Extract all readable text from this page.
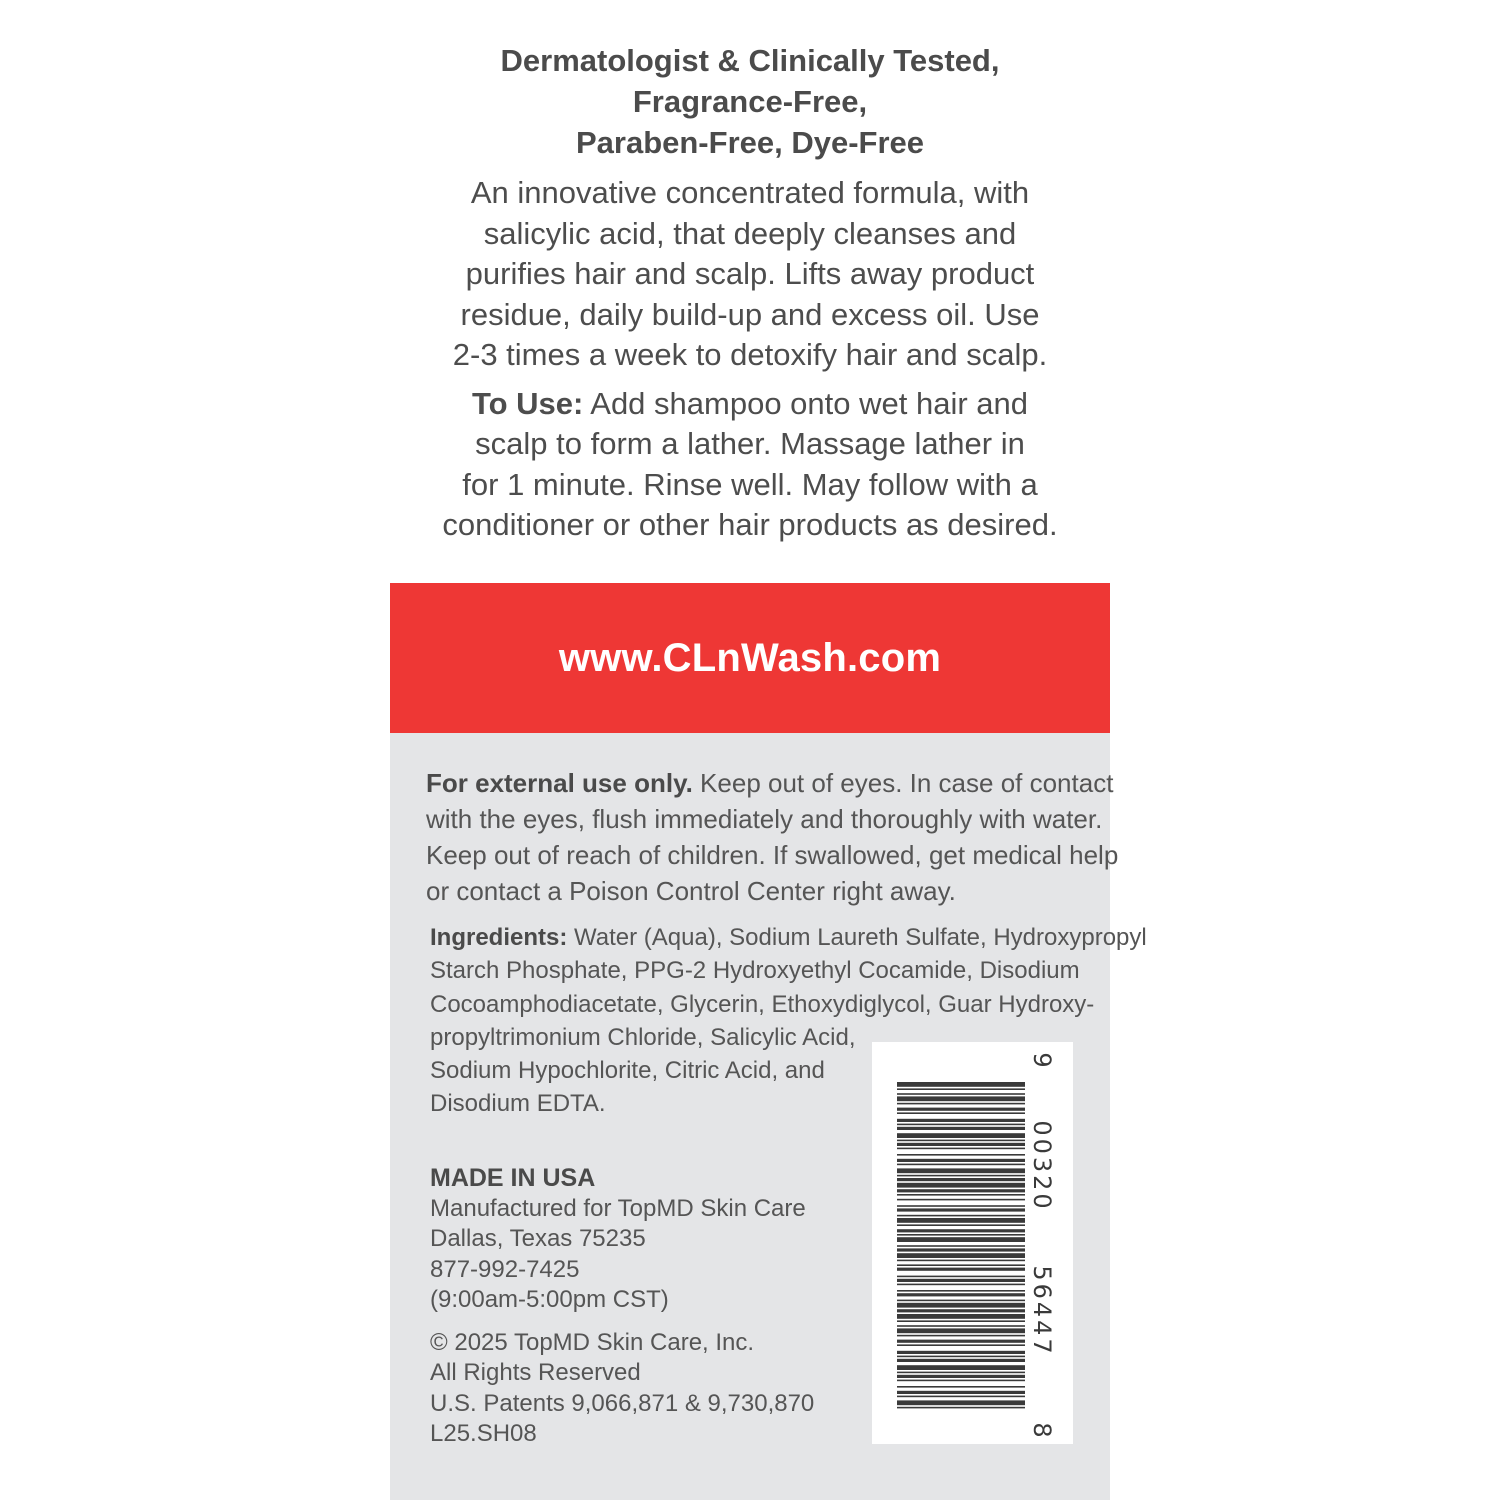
Dermatologist & Clinically Tested,
Fragrance-Free,
Paraben-Free, Dye-Free
An innovative concentrated formula, with
salicylic acid, that deeply cleanses and
purifies hair and scalp. Lifts away product
residue, daily build-up and excess oil. Use
2-3 times a week to detoxify hair and scalp.
To Use: Add shampoo onto wet hair and
scalp to form a lather. Massage lather in
for 1 minute. Rinse well. May follow with a
conditioner or other hair products as desired.
www.CLnWash.com
For external use only. Keep out of eyes. In case of contact
with the eyes, flush immediately and thoroughly with water.
Keep out of reach of children. If swallowed, get medical help
or contact a Poison Control Center right away.
Ingredients: Water (Aqua), Sodium Laureth Sulfate, Hydroxypropyl
Starch Phosphate, PPG-2 Hydroxyethyl Cocamide, Disodium
Cocoamphodiacetate, Glycerin, Ethoxydiglycol, Guar Hydroxy-
propyltrimonium Chloride, Salicylic Acid,
Sodium Hypochlorite, Citric Acid, and
Disodium EDTA.
MADE IN USA
Manufactured for TopMD Skin Care
Dallas, Texas 75235
877-992-7425
(9:00am-5:00pm CST)
© 2025 TopMD Skin Care, Inc.
All Rights Reserved
U.S. Patents 9,066,871 & 9,730,870
L25.SH08	8
56447
00320
9
